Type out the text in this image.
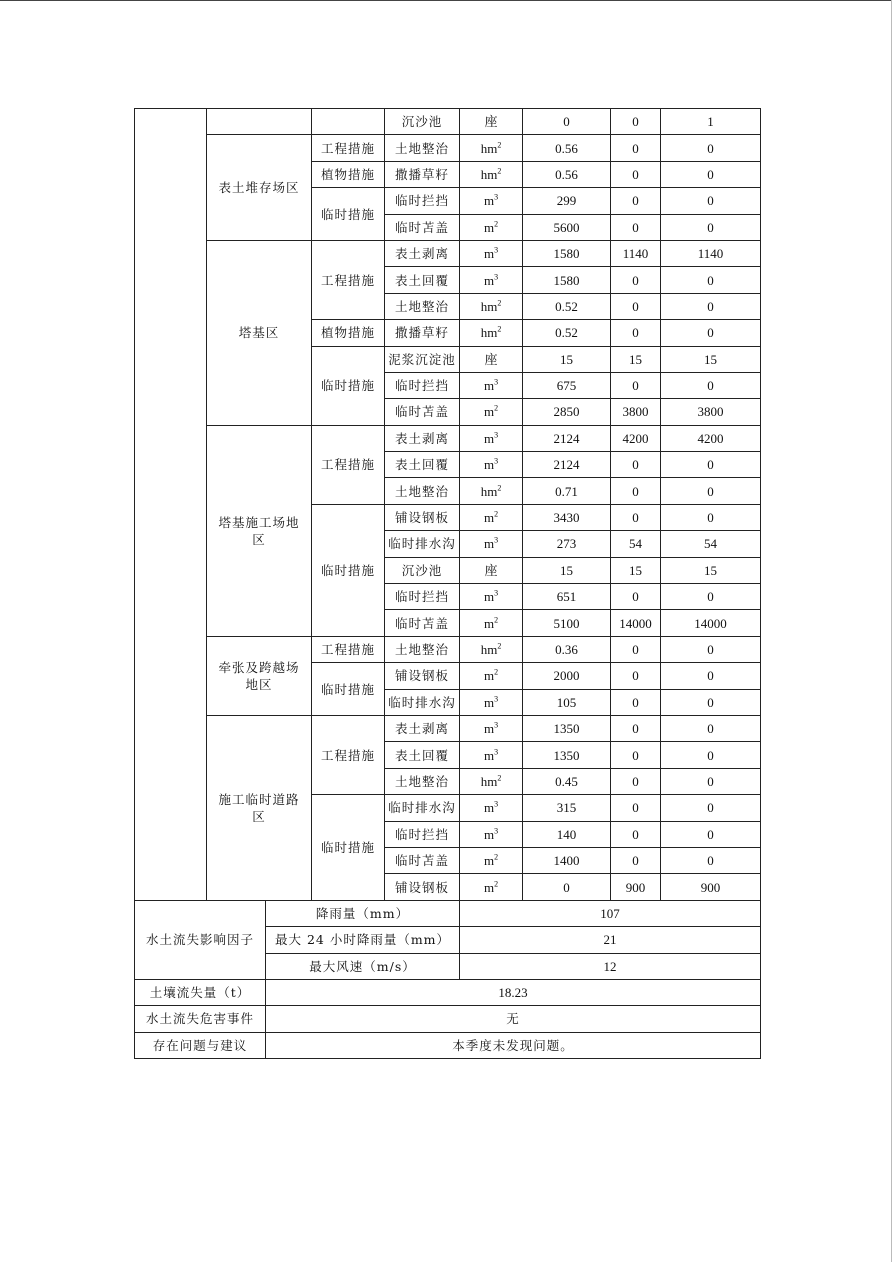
				沉沙池	座	0	0	1

	表土堆存场区		工程措施	土地整治	$hm^2$	0.56	0	0
			植物措施	撒播草籽	$hm^2$	0.56	0	0
			临时措施	临时拦挡	$m^3$	299	0	0
				临时苫盖	$m^2$	5600	0	0

	塔基区		工程措施	表土剥离	$m^3$	1580	1140	1140
				表土回覆	$m^3$	1580	0	0
				土地整治	$hm^2$	0.52	0	0
			植物措施	撒播草籽	$hm^2$	0.52	0	0
			临时措施	泥浆沉淀池	座	15	15	15
				临时拦挡	$m^3$	675	0	0
				临时苫盖	$m^2$	2850	3800	3800

	塔基施工场地区		工程措施	表土剥离	$m^3$	2124	4200	4200
				表土回覆	$m^3$	2124	0	0
				土地整治	$hm^2$	0.71	0	0
			临时措施	铺设钢板	$m^2$	3430	0	0
				临时排水沟	$m^3$	273	54	54
				沉沙池	座	15	15	15
				临时拦挡	$m^3$	651	0	0
				临时苫盖	$m^2$	5100	14000	14000

	牵张及跨越场地区		工程措施	土地整治	$hm^2$	0.36	0	0
			临时措施	铺设钢板	$m^2$	2000	0	0
				临时排水沟	$m^3$	105	0	0

	施工临时道路区		工程措施	表土剥离	$m^3$	1350	0	0
				表土回覆	$m^3$	1350	0	0
				土地整治	$hm^2$	0.45	0	0
			临时措施	临时排水沟	$m^3$	315	0	0
				临时拦挡	$m^3$	140	0	0
				临时苫盖	$m^2$	1400	0	0
				铺设钢板	$m^2$	0	900	900
水土流失影响因子		降雨量（mm）			107			
		最大 24 小时降雨量（mm）			21			
		最大风速（m/s）			12			
土壤流失量（t）		18.23						
水土流失危害事件		无						
存在问题与建议		本季度未发现问题。						
